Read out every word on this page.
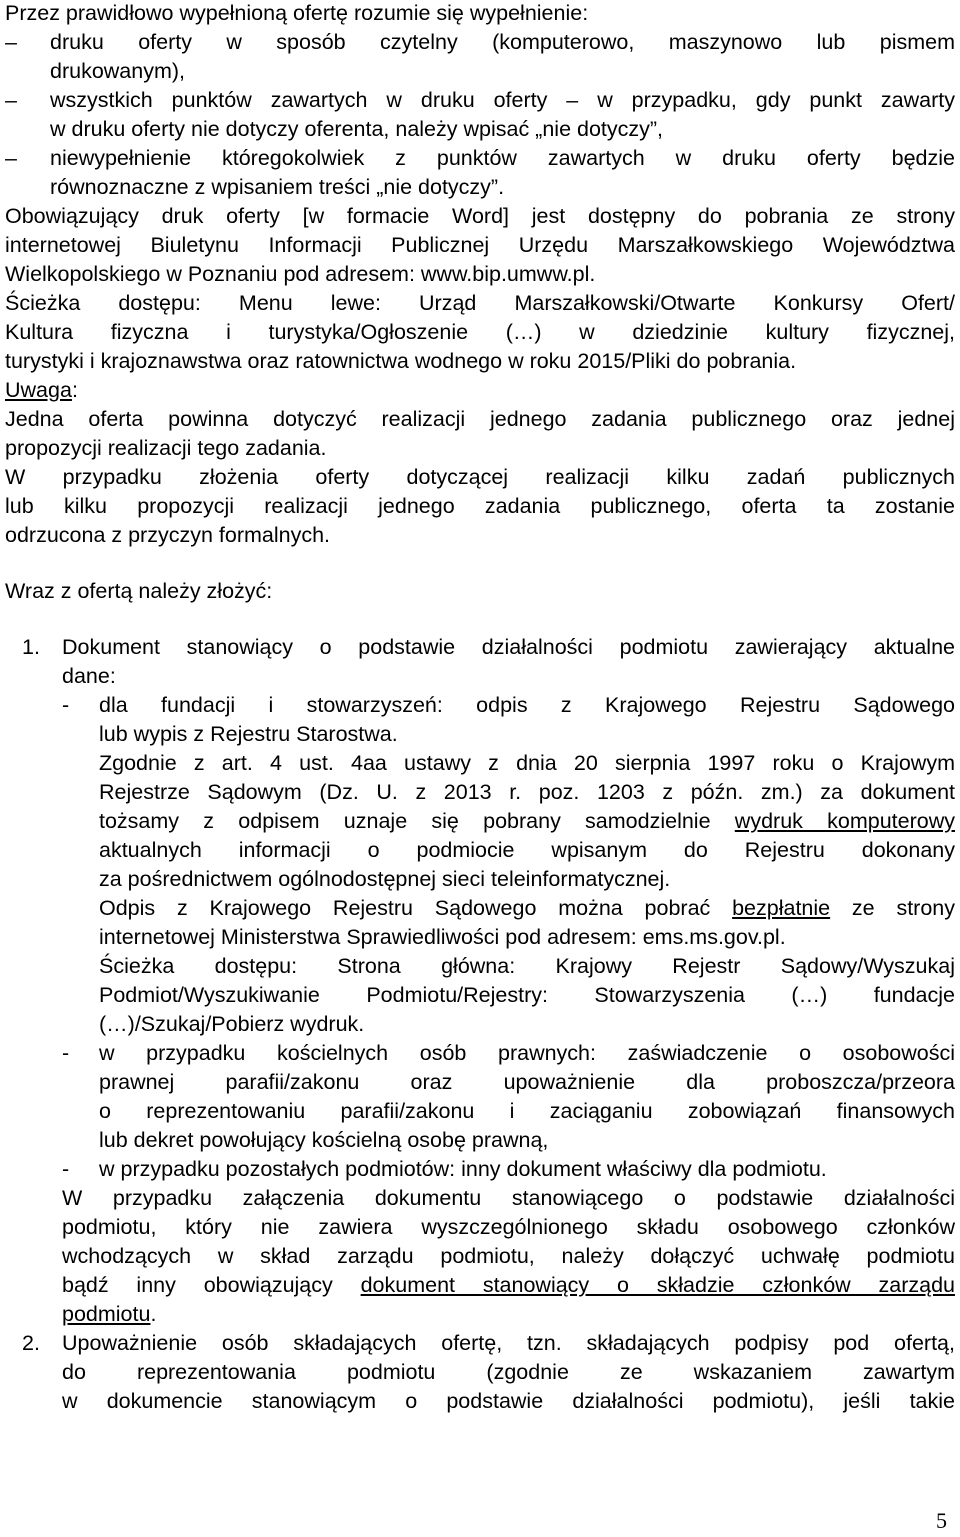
Przez prawidłowo wypełnioną ofertę rozumie się wypełnienie:
–	druku oferty w sposób czytelny (komputerowo, maszynowo lub pismem
drukowanym),
–	wszystkich punktów zawartych w druku oferty – w przypadku, gdy punkt zawarty
w druku oferty nie dotyczy oferenta, należy wpisać „nie dotyczy”,
–	niewypełnienie któregokolwiek z punktów zawartych w druku oferty będzie
równoznaczne z wpisaniem treści „nie dotyczy”.
Obowiązujący druk oferty [w formacie Word] jest dostępny do pobrania ze strony
internetowej Biuletynu Informacji Publicznej Urzędu Marszałkowskiego Województwa
Wielkopolskiego w Poznaniu pod adresem: www.bip.umww.pl.
Ścieżka dostępu: Menu lewe: Urząd Marszałkowski/Otwarte Konkursy Ofert/
Kultura fizyczna i turystyka/Ogłoszenie (…) w dziedzinie kultury fizycznej,
turystyki i krajoznawstwa oraz ratownictwa wodnego w roku 2015/Pliki do pobrania.
Uwaga:
Jedna oferta powinna dotyczyć realizacji jednego zadania publicznego oraz jednej
propozycji realizacji tego zadania.
W przypadku złożenia oferty dotyczącej realizacji kilku zadań publicznych
lub kilku propozycji realizacji jednego zadania publicznego, oferta ta zostanie
odrzucona z przyczyn formalnych.
Wraz z ofertą należy złożyć:
1.	Dokument stanowiący o podstawie działalności podmiotu zawierający aktualne
dane:
-	dla fundacji i stowarzyszeń: odpis z Krajowego Rejestru Sądowego
lub wypis z Rejestru Starostwa.
Zgodnie z art. 4 ust. 4aa ustawy z dnia 20 sierpnia 1997 roku o Krajowym
Rejestrze Sądowym (Dz. U. z 2013 r. poz. 1203 z późn. zm.) za dokument
tożsamy z odpisem uznaje się pobrany samodzielnie wydruk komputerowy
aktualnych informacji o podmiocie wpisanym do Rejestru dokonany
za pośrednictwem ogólnodostępnej sieci teleinformatycznej.
Odpis z Krajowego Rejestru Sądowego można pobrać bezpłatnie ze strony
internetowej Ministerstwa Sprawiedliwości pod adresem: ems.ms.gov.pl.
Ścieżka dostępu: Strona główna: Krajowy Rejestr Sądowy/Wyszukaj
Podmiot/Wyszukiwanie Podmiotu/Rejestry: Stowarzyszenia (…) fundacje
(…)/Szukaj/Pobierz wydruk.
-	w przypadku kościelnych osób prawnych: zaświadczenie o osobowości
prawnej parafii/zakonu oraz upoważnienie dla proboszcza/przeora
o reprezentowaniu parafii/zakonu i zaciąganiu zobowiązań finansowych
lub dekret powołujący kościelną osobę prawną,
-	w przypadku pozostałych podmiotów: inny dokument właściwy dla podmiotu.
W przypadku załączenia dokumentu stanowiącego o podstawie działalności
podmiotu, który nie zawiera wyszczególnionego składu osobowego członków
wchodzących w skład zarządu podmiotu, należy dołączyć uchwałę podmiotu
bądź inny obowiązujący dokument stanowiący o składzie członków zarządu
podmiotu.
2.	Upoważnienie osób składających ofertę, tzn. składających podpisy pod ofertą,
do reprezentowania podmiotu (zgodnie ze wskazaniem zawartym
w dokumencie stanowiącym o podstawie działalności podmiotu), jeśli takie
5
